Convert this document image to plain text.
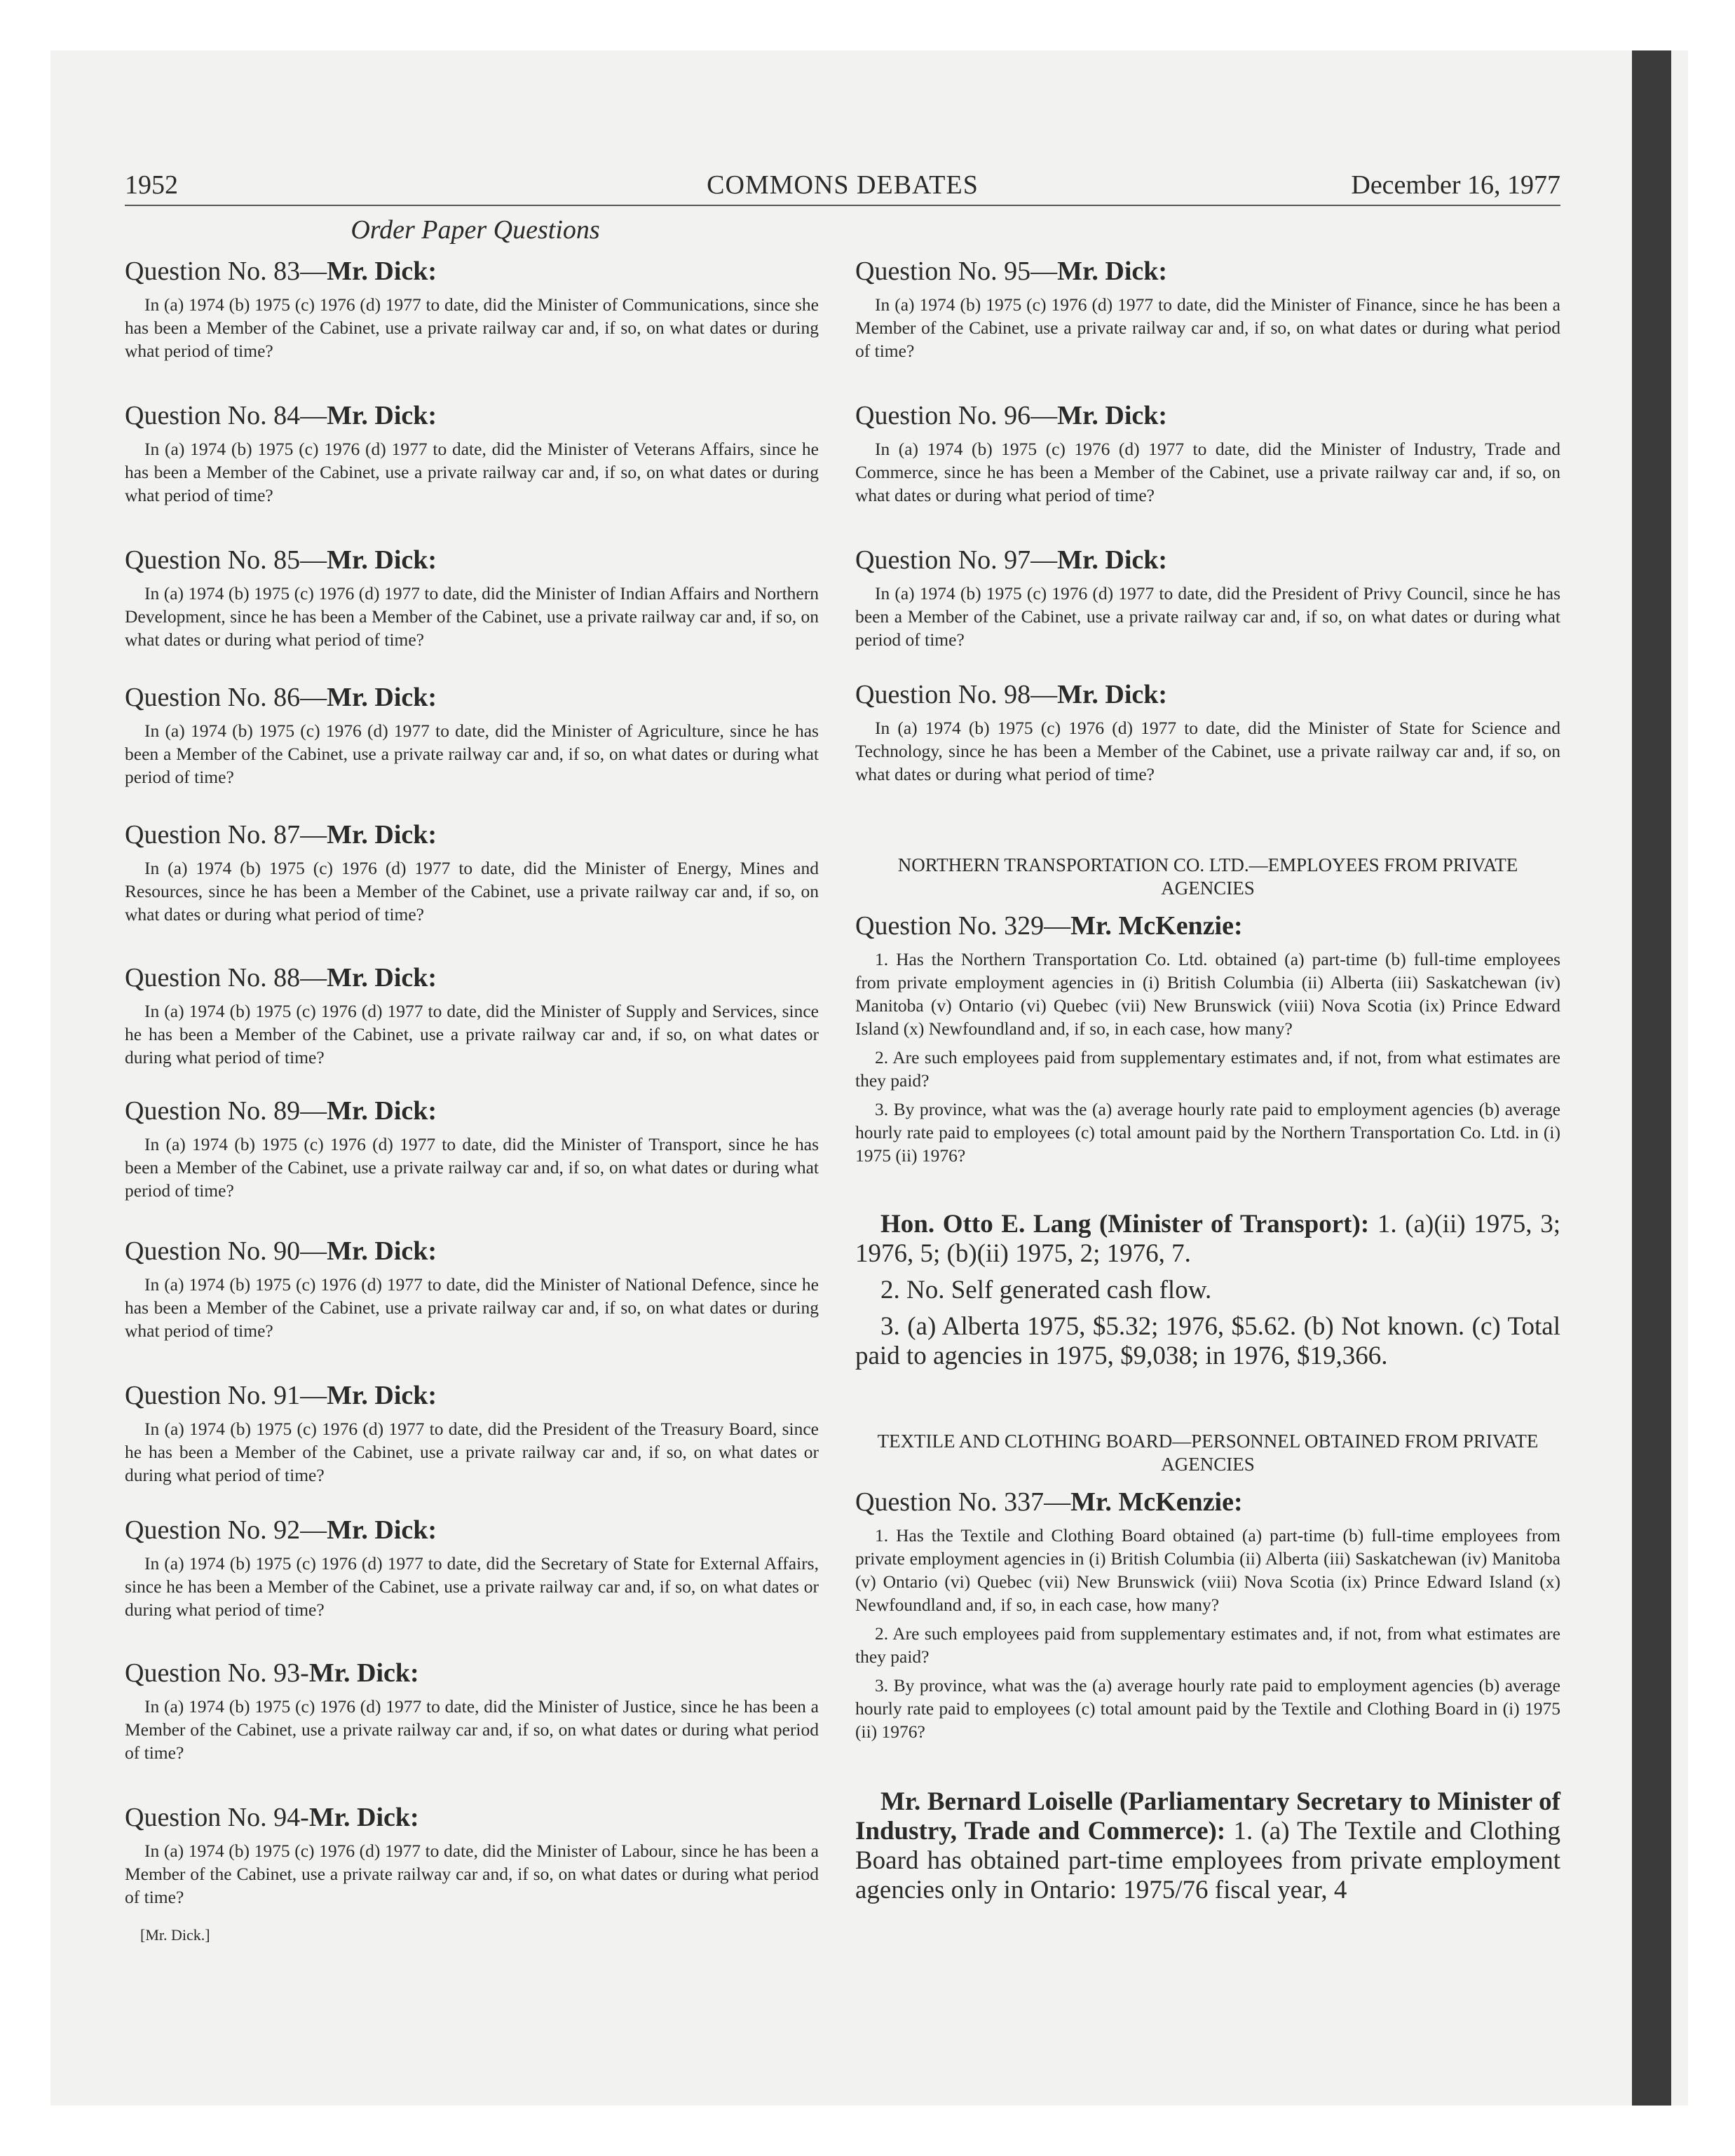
1952	COMMONS DEBATES	December 16, 1977
Order Paper Questions
Question No. 83—Mr. Dick:

In (a) 1974 (b) 1975 (c) 1976 (d) 1977 to date, did the Minister of Communications, since she has been a Member of the Cabinet, use a private railway car and, if so, on what dates or during what period of time?

Question No. 84—Mr. Dick:

In (a) 1974 (b) 1975 (c) 1976 (d) 1977 to date, did the Minister of Veterans Affairs, since he has been a Member of the Cabinet, use a private railway car and, if so, on what dates or during what period of time?

Question No. 85—Mr. Dick:

In (a) 1974 (b) 1975 (c) 1976 (d) 1977 to date, did the Minister of Indian Affairs and Northern Development, since he has been a Member of the Cabinet, use a private railway car and, if so, on what dates or during what period of time?

Question No. 86—Mr. Dick:

In (a) 1974 (b) 1975 (c) 1976 (d) 1977 to date, did the Minister of Agriculture, since he has been a Member of the Cabinet, use a private railway car and, if so, on what dates or during what period of time?

Question No. 87—Mr. Dick:

In (a) 1974 (b) 1975 (c) 1976 (d) 1977 to date, did the Minister of Energy, Mines and Resources, since he has been a Member of the Cabinet, use a private railway car and, if so, on what dates or during what period of time?

Question No. 88—Mr. Dick:

In (a) 1974 (b) 1975 (c) 1976 (d) 1977 to date, did the Minister of Supply and Services, since he has been a Member of the Cabinet, use a private railway car and, if so, on what dates or during what period of time?

Question No. 89—Mr. Dick:

In (a) 1974 (b) 1975 (c) 1976 (d) 1977 to date, did the Minister of Transport, since he has been a Member of the Cabinet, use a private railway car and, if so, on what dates or during what period of time?

Question No. 90—Mr. Dick:

In (a) 1974 (b) 1975 (c) 1976 (d) 1977 to date, did the Minister of National Defence, since he has been a Member of the Cabinet, use a private railway car and, if so, on what dates or during what period of time?

Question No. 91—Mr. Dick:

In (a) 1974 (b) 1975 (c) 1976 (d) 1977 to date, did the President of the Treasury Board, since he has been a Member of the Cabinet, use a private railway car and, if so, on what dates or during what period of time?

Question No. 92—Mr. Dick:

In (a) 1974 (b) 1975 (c) 1976 (d) 1977 to date, did the Secretary of State for External Affairs, since he has been a Member of the Cabinet, use a private railway car and, if so, on what dates or during what period of time?

Question No. 93-Mr. Dick:

In (a) 1974 (b) 1975 (c) 1976 (d) 1977 to date, did the Minister of Justice, since he has been a Member of the Cabinet, use a private railway car and, if so, on what dates or during what period of time?

Question No. 94-Mr. Dick:

In (a) 1974 (b) 1975 (c) 1976 (d) 1977 to date, did the Minister of Labour, since he has been a Member of the Cabinet, use a private railway car and, if so, on what dates or during what period of time?

[Mr. Dick.]
Question No. 95—Mr. Dick:

In (a) 1974 (b) 1975 (c) 1976 (d) 1977 to date, did the Minister of Finance, since he has been a Member of the Cabinet, use a private railway car and, if so, on what dates or during what period of time?

Question No. 96—Mr. Dick:

In (a) 1974 (b) 1975 (c) 1976 (d) 1977 to date, did the Minister of Industry, Trade and Commerce, since he has been a Member of the Cabinet, use a private railway car and, if so, on what dates or during what period of time?

Question No. 97—Mr. Dick:

In (a) 1974 (b) 1975 (c) 1976 (d) 1977 to date, did the President of Privy Council, since he has been a Member of the Cabinet, use a private railway car and, if so, on what dates or during what period of time?

Question No. 98—Mr. Dick:

In (a) 1974 (b) 1975 (c) 1976 (d) 1977 to date, did the Minister of State for Science and Technology, since he has been a Member of the Cabinet, use a private railway car and, if so, on what dates or during what period of time?

NORTHERN TRANSPORTATION CO. LTD.—EMPLOYEES FROM PRIVATE AGENCIES
Question No. 329—Mr. McKenzie:

1. Has the Northern Transportation Co. Ltd. obtained (a) part-time (b) full-time employees from private employment agencies in (i) British Columbia (ii) Alberta (iii) Saskatchewan (iv) Manitoba (v) Ontario (vi) Quebec (vii) New Brunswick (viii) Nova Scotia (ix) Prince Edward Island (x) Newfoundland and, if so, in each case, how many?

2. Are such employees paid from supplementary estimates and, if not, from what estimates are they paid?

3. By province, what was the (a) average hourly rate paid to employment agencies (b) average hourly rate paid to employees (c) total amount paid by the Northern Transportation Co. Ltd. in (i) 1975 (ii) 1976?

Hon. Otto E. Lang (Minister of Transport): 1. (a)(ii) 1975, 3; 1976, 5; (b)(ii) 1975, 2; 1976, 7.

2. No. Self generated cash flow.

3. (a) Alberta 1975, $5.32; 1976, $5.62. (b) Not known. (c) Total paid to agencies in 1975, $9,038; in 1976, $19,366.

TEXTILE AND CLOTHING BOARD—PERSONNEL OBTAINED FROM PRIVATE AGENCIES
Question No. 337—Mr. McKenzie:

1. Has the Textile and Clothing Board obtained (a) part-time (b) full-time employees from private employment agencies in (i) British Columbia (ii) Alberta (iii) Saskatchewan (iv) Manitoba (v) Ontario (vi) Quebec (vii) New Brunswick (viii) Nova Scotia (ix) Prince Edward Island (x) Newfoundland and, if so, in each case, how many?

2. Are such employees paid from supplementary estimates and, if not, from what estimates are they paid?

3. By province, what was the (a) average hourly rate paid to employment agencies (b) average hourly rate paid to employees (c) total amount paid by the Textile and Clothing Board in (i) 1975 (ii) 1976?

Mr. Bernard Loiselle (Parliamentary Secretary to Minister of Industry, Trade and Commerce): 1. (a) The Textile and Clothing Board has obtained part-time employees from private employment agencies only in Ontario: 1975/76 fiscal year, 4
